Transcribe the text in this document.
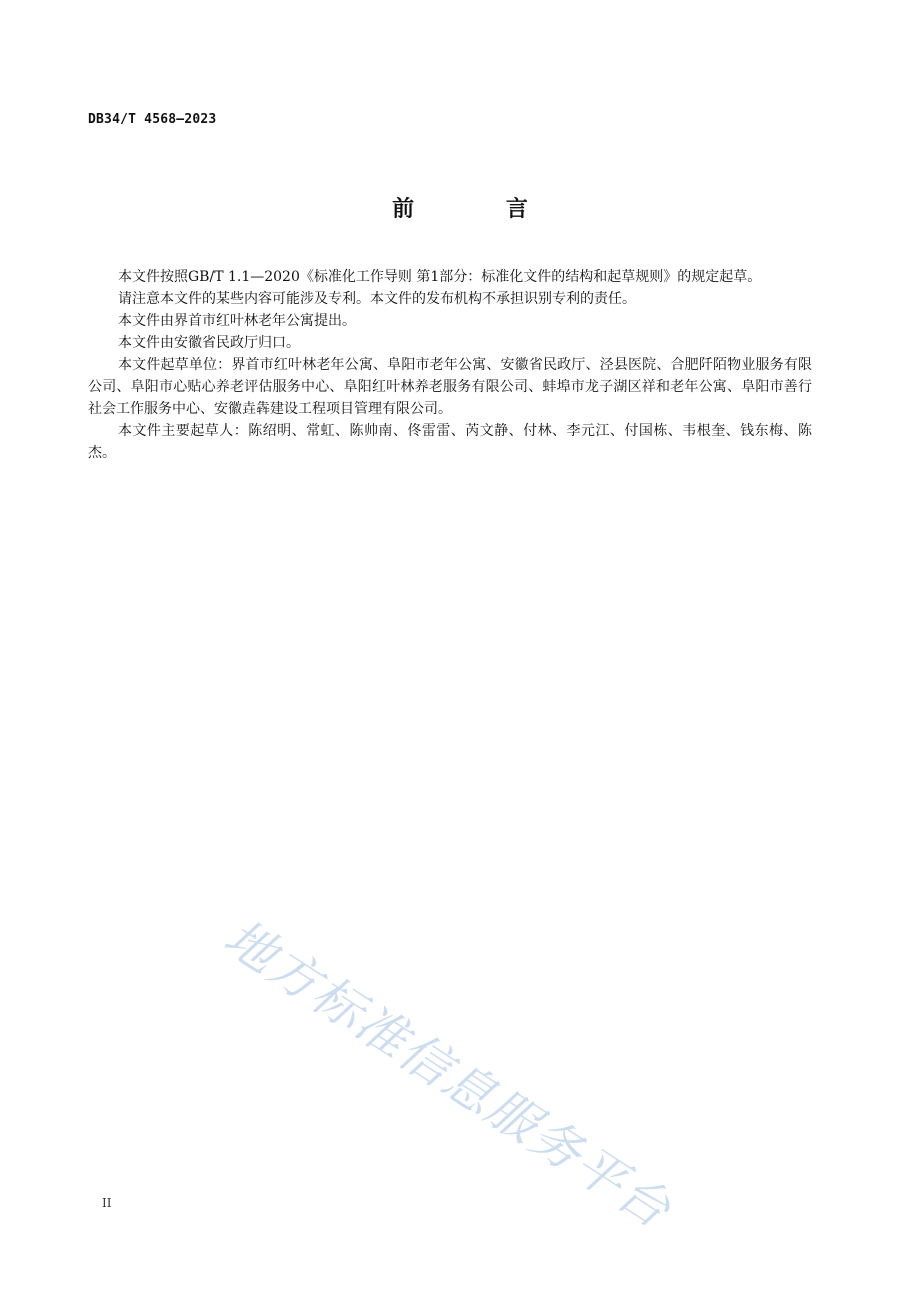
DB34/T 4568—2023
前 言

本文件按照GB/T 1.1—2020《标准化工作导则 第1部分：标准化文件的结构和起草规则》的规定起草。

请注意本文件的某些内容可能涉及专利。本文件的发布机构不承担识别专利的责任。

本文件由界首市红叶林老年公寓提出。

本文件由安徽省民政厅归口。

本文件起草单位：界首市红叶林老年公寓、阜阳市老年公寓、安徽省民政厅、泾县医院、合肥阡陌物业服务有限公司、阜阳市心贴心养老评估服务中心、阜阳红叶林养老服务有限公司、蚌埠市龙子湖区祥和老年公寓、阜阳市善行社会工作服务中心、安徽垚犇建设工程项目管理有限公司。

本文件主要起草人：陈绍明、常虹、陈帅南、佟雷雷、芮文静、付林、李元江、付国栋、韦根奎、钱东梅、陈杰。

地方标准信息服务平台
II
